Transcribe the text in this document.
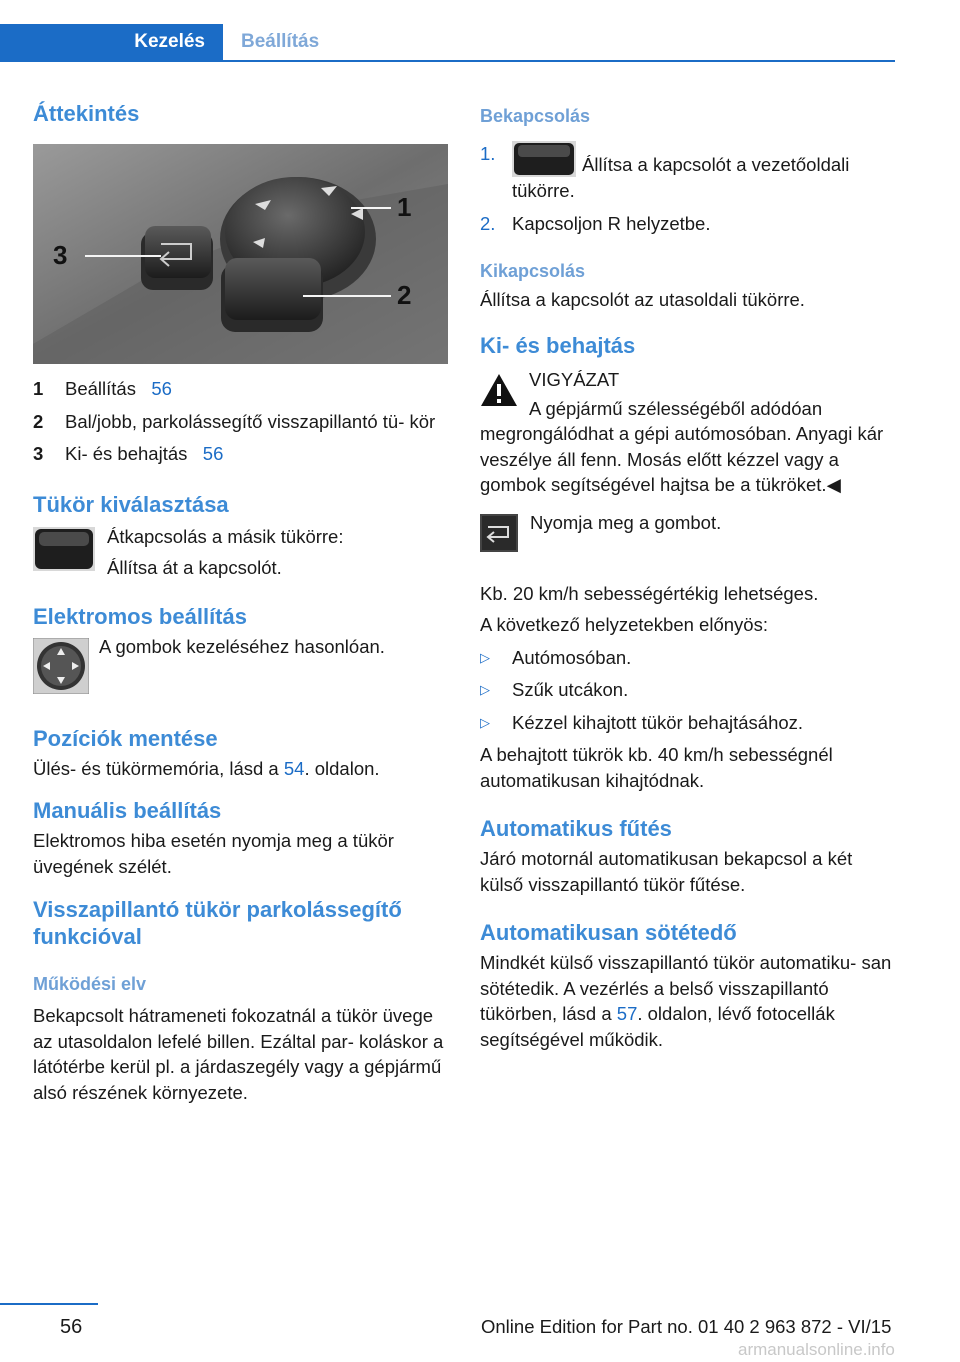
Kezelés	Beállítás
Áttekintés
1
2
3
1	Beállítás 56
2	Bal/jobb, parkolássegítő visszapillantó tü‐ kör
3	Ki- és behajtás 56
Tükör kiválasztása

Átkapcsolás a másik tükörre:

Állítsa át a kapcsolót.

Elektromos beállítás

A gombok kezeléséhez hasonlóan.

Pozíciók mentése

Ülés- és tükörmemória, lásd a 54. oldalon.

Manuális beállítás

Elektromos hiba esetén nyomja meg a tükör üvegének szélét.

Visszapillantó tükör parkolássegítő funkcióval
Működési elv

Bekapcsolt hátrameneti fokozatnál a tükör üvege az utasoldalon lefelé billen. Ezáltal par‐ koláskor a látótérbe kerül pl. a járdaszegély vagy a gépjármű alsó részének környezete.

Bekapcsolás
1.
Állítsa a kapcsolót a vezetőoldali tükörre.
2. Kapcsoljon R helyzetbe.
Kikapcsolás

Állítsa a kapcsolót az utasoldali tükörre.

Ki- és behajtás

VIGYÁZAT

A gépjármű szélességéből adódóan megrongálódhat a gépi autómosóban. Anyagi kár veszélye áll fenn. Mosás előtt kézzel vagy a gombok segítségével hajtsa be a tükröket.◀

Nyomja meg a gombot.

Kb. 20 km/h sebességértékig lehetséges.

A következő helyzetekben előnyös:

▷	Autómosóban.
▷	Szűk utcákon.
▷	Kézzel kihajtott tükör behajtásához.

A behajtott tükrök kb. 40 km/h sebességnél automatikusan kihajtódnak.

Automatikus fűtés

Járó motornál automatikusan bekapcsol a két külső visszapillantó tükör fűtése.

Automatikusan sötétedő

Mindkét külső visszapillantó tükör automatiku‐ san sötétedik. A vezérlés a belső visszapillantó tükörben, lásd a 57. oldalon, lévő fotocellák segítségével működik.

56	Online Edition for Part no. 01 40 2 963 872 - VI/15
armanualsonline.info
